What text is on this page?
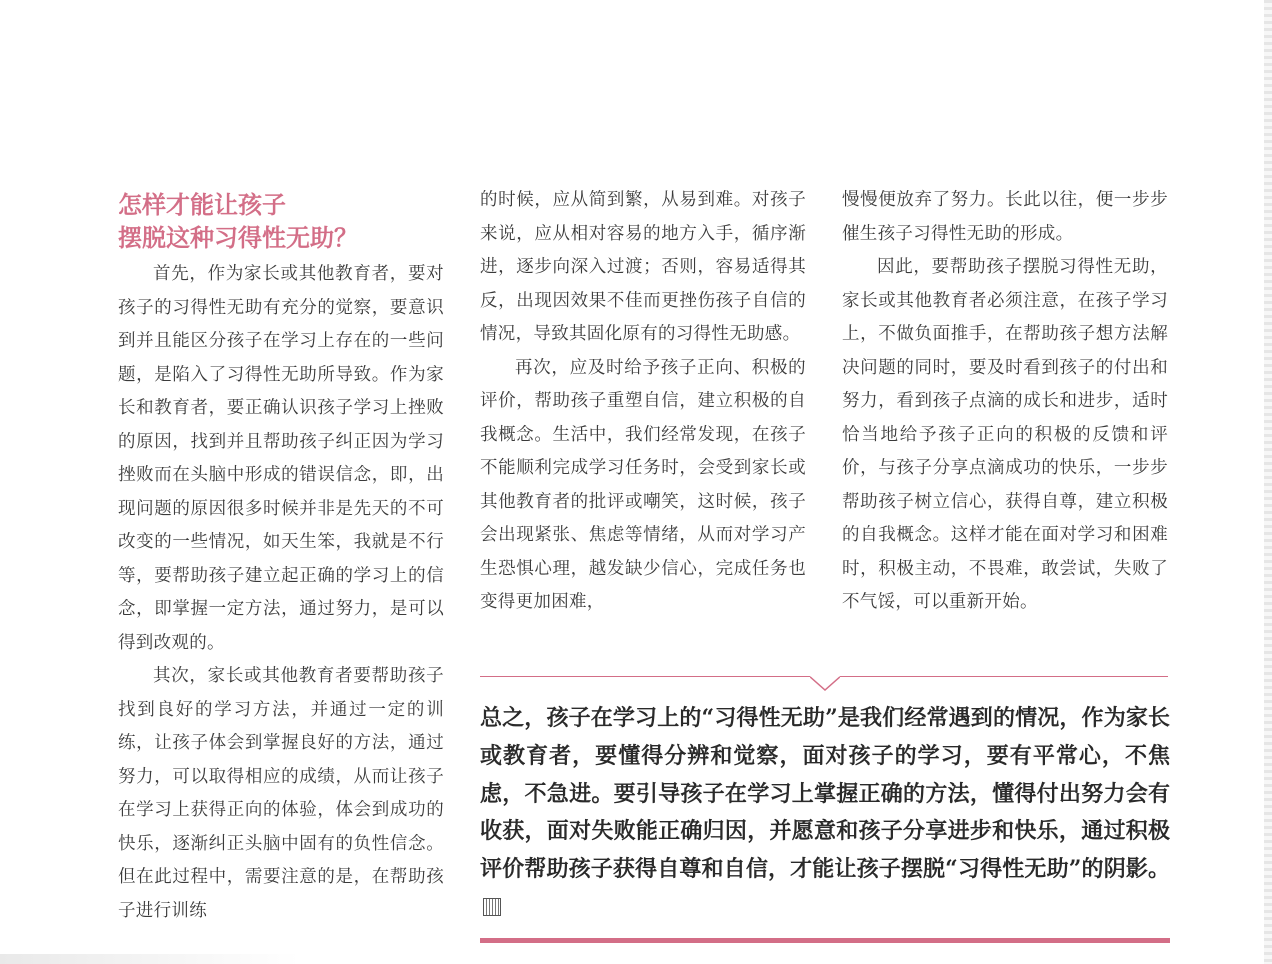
怎样才能让孩子
摆脱这种习得性无助？

首先，作为家长或其他教育者，要对孩子的习得性无助有充分的觉察，要意识到并且能区分孩子在学习上存在的一些问题，是陷入了习得性无助所导致。作为家长和教育者，要正确认识孩子学习上挫败的原因，找到并且帮助孩子纠正因为学习挫败而在头脑中形成的错误信念，即，出现问题的原因很多时候并非是先天的不可改变的一些情况，如天生笨，我就是不行等，要帮助孩子建立起正确的学习上的信念，即掌握一定方法，通过努力，是可以得到改观的。

其次，家长或其他教育者要帮助孩子找到良好的学习方法，并通过一定的训练，让孩子体会到掌握良好的方法，通过努力，可以取得相应的成绩，从而让孩子在学习上获得正向的体验，体会到成功的快乐，逐渐纠正头脑中固有的负性信念。但在此过程中，需要注意的是，在帮助孩子进行训练

的时候，应从简到繁，从易到难。对孩子来说，应从相对容易的地方入手，循序渐进，逐步向深入过渡；否则，容易适得其反，出现因效果不佳而更挫伤孩子自信的情况，导致其固化原有的习得性无助感。

再次，应及时给予孩子正向、积极的评价，帮助孩子重塑自信，建立积极的自我概念。生活中，我们经常发现，在孩子不能顺利完成学习任务时，会受到家长或其他教育者的批评或嘲笑，这时候，孩子会出现紧张、焦虑等情绪，从而对学习产生恐惧心理，越发缺少信心，完成任务也变得更加困难，

慢慢便放弃了努力。长此以往，便一步步催生孩子习得性无助的形成。

因此，要帮助孩子摆脱习得性无助，家长或其他教育者必须注意，在孩子学习上，不做负面推手，在帮助孩子想方法解决问题的同时，要及时看到孩子的付出和努力，看到孩子点滴的成长和进步，适时恰当地给予孩子正向的积极的反馈和评价，与孩子分享点滴成功的快乐，一步步帮助孩子树立信心，获得自尊，建立积极的自我概念。这样才能在面对学习和困难时，积极主动，不畏难，敢尝试，失败了不气馁，可以重新开始。

总之，孩子在学习上的“习得性无助”是我们经常遇到的情况，作为家长或教育者，要懂得分辨和觉察，面对孩子的学习，要有平常心，不焦虑，不急进。要引导孩子在学习上掌握正确的方法，懂得付出努力会有收获，面对失败能正确归因，并愿意和孩子分享进步和快乐，通过积极评价帮助孩子获得自尊和自信，才能让孩子摆脱“习得性无助”的阴影。
